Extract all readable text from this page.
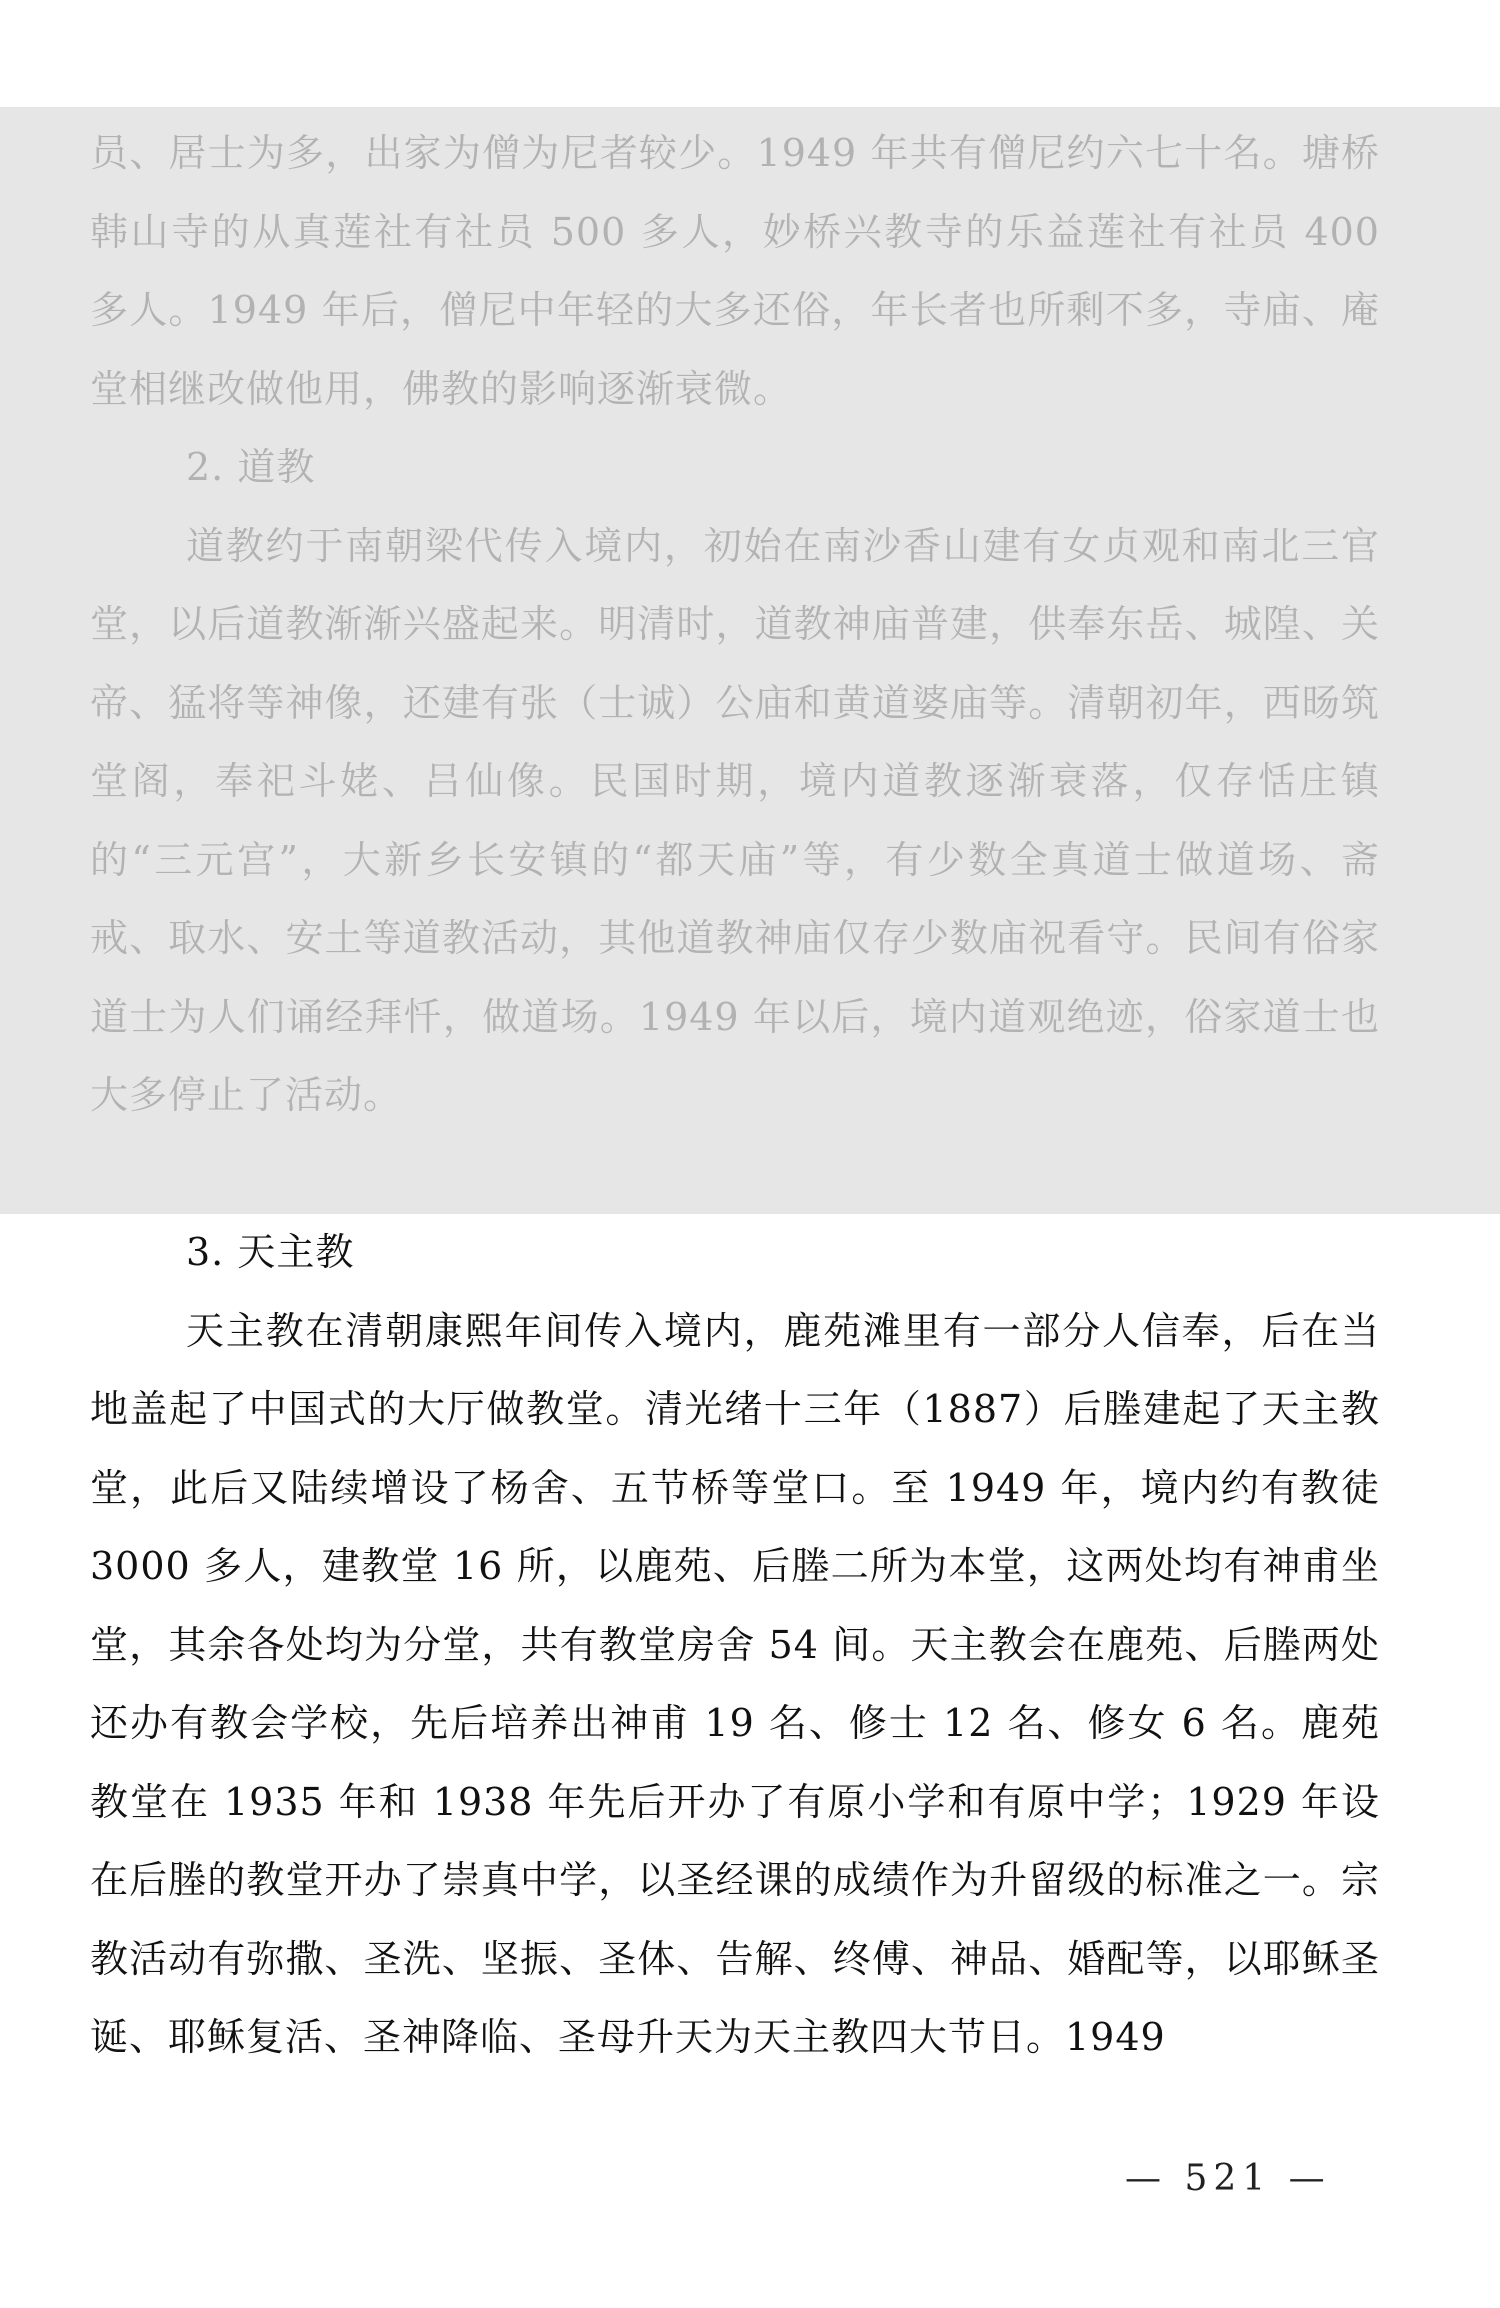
员、居士为多，出家为僧为尼者较少。1949 年共有僧尼约六七十名。塘桥韩山寺的从真莲社有社员 500 多人，妙桥兴教寺的乐益莲社有社员 400 多人。1949 年后，僧尼中年轻的大多还俗，年长者也所剩不多，寺庙、庵堂相继改做他用，佛教的影响逐渐衰微。

2. 道教

道教约于南朝梁代传入境内，初始在南沙香山建有女贞观和南北三官堂，以后道教渐渐兴盛起来。明清时，道教神庙普建，供奉东岳、城隍、关帝、猛将等神像，还建有张（士诚）公庙和黄道婆庙等。清朝初年，西旸筑堂阁，奉祀斗姥、吕仙像。民国时期，境内道教逐渐衰落，仅存恬庄镇的“三元宫”，大新乡长安镇的“都天庙”等，有少数全真道士做道场、斋戒、取水、安土等道教活动，其他道教神庙仅存少数庙祝看守。民间有俗家道士为人们诵经拜忏，做道场。1949 年以后，境内道观绝迹，俗家道士也大多停止了活动。

3. 天主教

天主教在清朝康熙年间传入境内，鹿苑滩里有一部分人信奉，后在当地盖起了中国式的大厅做教堂。清光绪十三年（1887）后塍建起了天主教堂，此后又陆续增设了杨舍、五节桥等堂口。至 1949 年，境内约有教徒 3000 多人，建教堂 16 所，以鹿苑、后塍二所为本堂，这两处均有神甫坐堂，其余各处均为分堂，共有教堂房舍 54 间。天主教会在鹿苑、后塍两处还办有教会学校，先后培养出神甫 19 名、修士 12 名、修女 6 名。鹿苑教堂在 1935 年和 1938 年先后开办了有原小学和有原中学；1929 年设在后塍的教堂开办了崇真中学，以圣经课的成绩作为升留级的标准之一。宗教活动有弥撒、圣洗、坚振、圣体、告解、终傅、神品、婚配等，以耶稣圣诞、耶稣复活、圣神降临、圣母升天为天主教四大节日。1949

— 521 —
